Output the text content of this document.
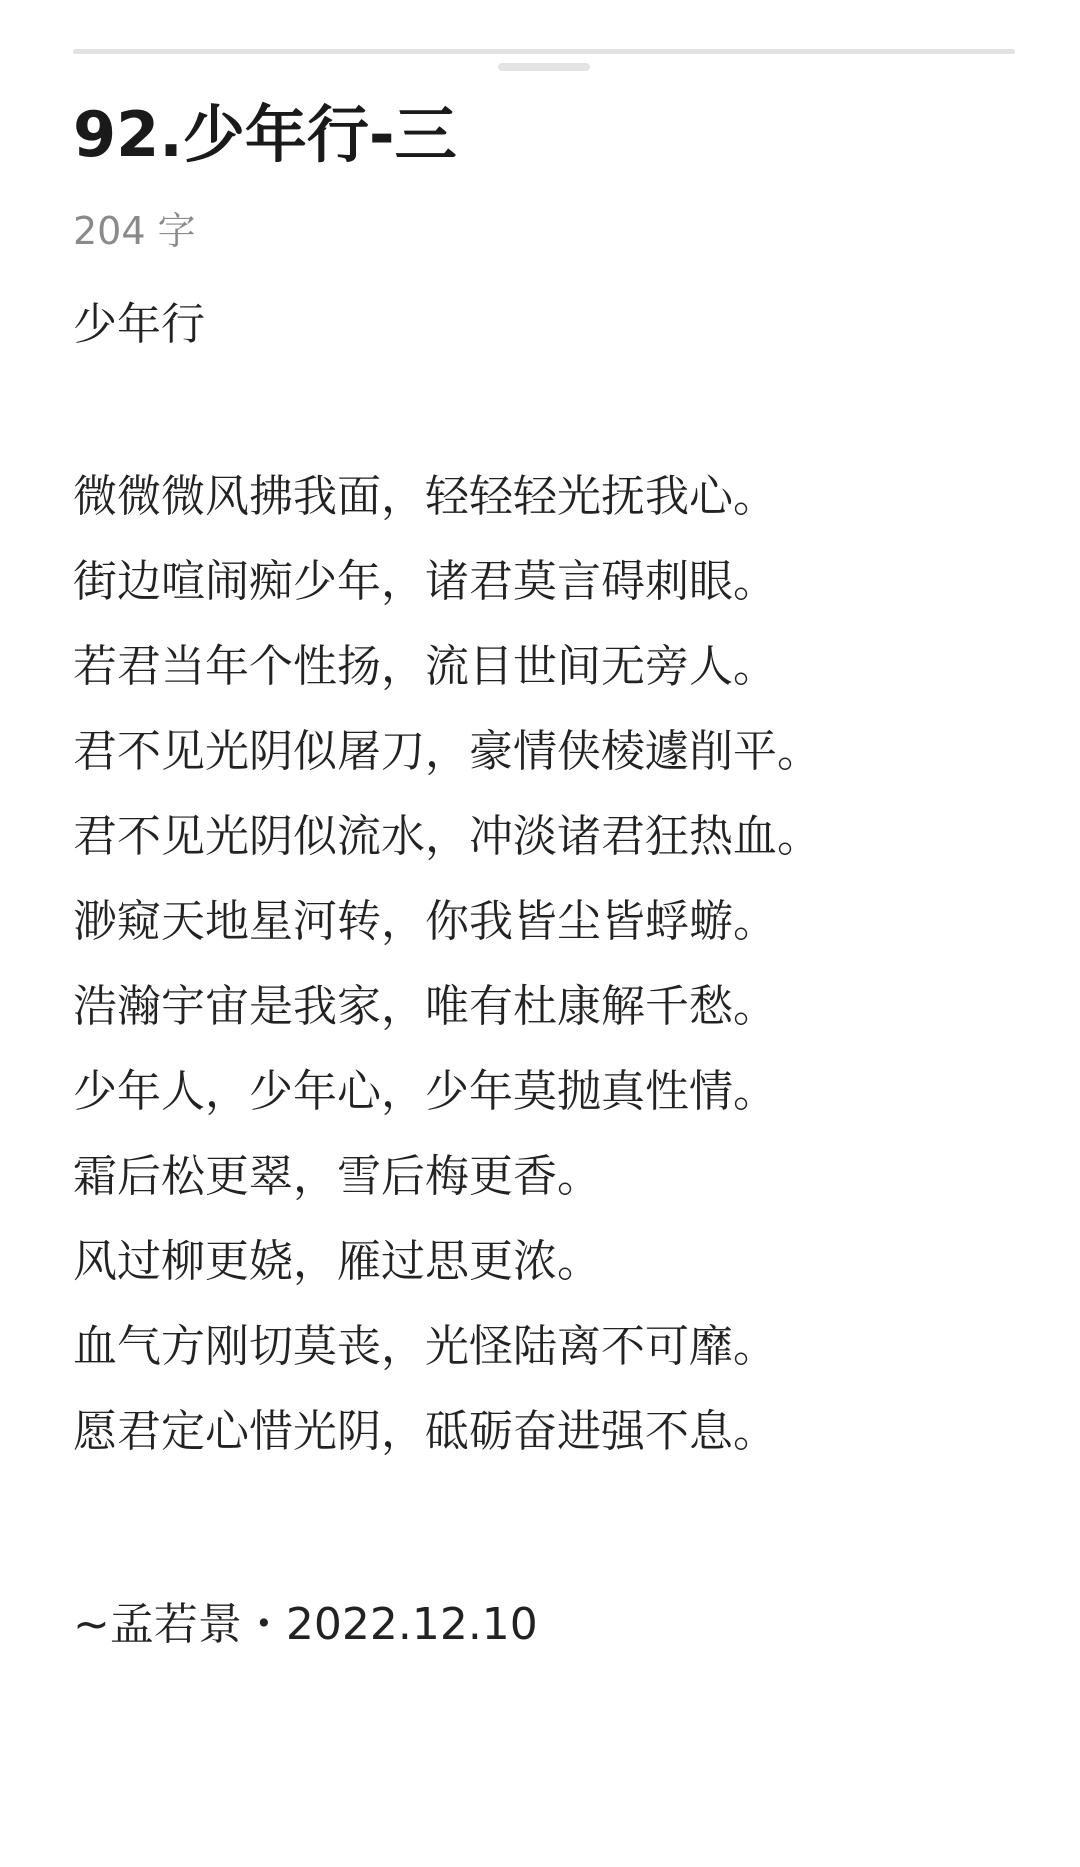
92.少年行-三
204 字
少年行
微微微风拂我面，轻轻轻光抚我心。
街边喧闹痴少年，诸君莫言碍刺眼。
若君当年个性扬，流目世间无旁人。
君不见光阴似屠刀，豪情侠棱遽削平。
君不见光阴似流水，冲淡诸君狂热血。
渺窥天地星河转，你我皆尘皆蜉蝣。
浩瀚宇宙是我家，唯有杜康解千愁。
少年人，少年心，少年莫抛真性情。
霜后松更翠，雪后梅更香。
风过柳更娆，雁过思更浓。
血气方刚切莫丧，光怪陆离不可靡。
愿君定心惜光阴，砥砺奋进强不息。
~孟若景・2022.12.10
